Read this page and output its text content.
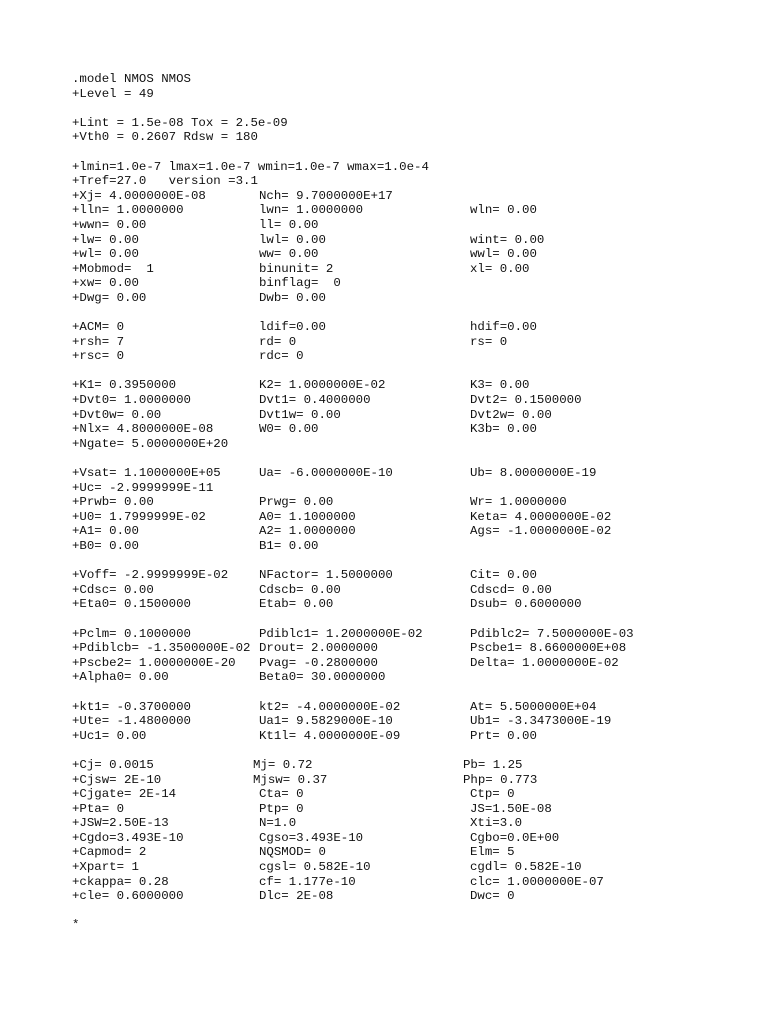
.model NMOS NMOS
+Level = 49
+Lint = 1.5e-08 Tox = 2.5e-09
+Vth0 = 0.2607 Rdsw = 180
+lmin=1.0e-7 lmax=1.0e-7 wmin=1.0e-7 wmax=1.0e-4
+Tref=27.0   version =3.1
+Xj= 4.0000000E-08	Nch= 9.7000000E+17
+lln= 1.0000000	lwn= 1.0000000	wln= 0.00
+wwn= 0.00	ll= 0.00
+lw= 0.00	lwl= 0.00	wint= 0.00
+wl= 0.00	ww= 0.00	wwl= 0.00
+Mobmod=  1	binunit= 2	xl= 0.00
+xw= 0.00	binflag=  0
+Dwg= 0.00	Dwb= 0.00
+ACM= 0	ldif=0.00	hdif=0.00
+rsh= 7	rd= 0	rs= 0
+rsc= 0	rdc= 0
+K1= 0.3950000	K2= 1.0000000E-02	K3= 0.00
+Dvt0= 1.0000000	Dvt1= 0.4000000	Dvt2= 0.1500000
+Dvt0w= 0.00	Dvt1w= 0.00	Dvt2w= 0.00
+Nlx= 4.8000000E-08	W0= 0.00	K3b= 0.00
+Ngate= 5.0000000E+20
+Vsat= 1.1000000E+05	Ua= -6.0000000E-10	Ub= 8.0000000E-19
+Uc= -2.9999999E-11
+Prwb= 0.00	Prwg= 0.00	Wr= 1.0000000
+U0= 1.7999999E-02	A0= 1.1000000	Keta= 4.0000000E-02
+A1= 0.00	A2= 1.0000000	Ags= -1.0000000E-02
+B0= 0.00	B1= 0.00
+Voff= -2.9999999E-02 NFactor= 1.5000000	Cit= 0.00
+Cdsc= 0.00	Cdscb= 0.00	Cdscd= 0.00
+Eta0= 0.1500000	Etab= 0.00	Dsub= 0.6000000
+Pclm= 0.1000000	Pdiblc1= 1.2000000E-02	Pdiblc2= 7.5000000E-03
+Pdiblcb= -1.3500000E-02 Drout= 2.0000000	Pscbe1= 8.6600000E+08
+Pscbe2= 1.0000000E-20 Pvag= -0.2800000	Delta= 1.0000000E-02
+Alpha0= 0.00	Beta0= 30.0000000
+kt1= -0.3700000	kt2= -4.0000000E-02	At= 5.5000000E+04
+Ute= -1.4800000	Ua1= 9.5829000E-10	Ub1= -3.3473000E-19
+Uc1= 0.00	Kt1l= 4.0000000E-09	Prt= 0.00
+Cj= 0.0015	Mj= 0.72	Pb= 1.25
+Cjsw= 2E-10	Mjsw= 0.37	Php= 0.773
+Cjgate= 2E-14	Cta= 0	Ctp= 0
+Pta= 0	Ptp= 0	JS=1.50E-08
+JSW=2.50E-13	N=1.0	Xti=3.0
+Cgdo=3.493E-10	Cgso=3.493E-10	Cgbo=0.0E+00
+Capmod= 2	NQSMOD= 0	Elm= 5
+Xpart= 1	cgsl= 0.582E-10	cgdl= 0.582E-10
+ckappa= 0.28	cf= 1.177e-10	clc= 1.0000000E-07
+cle= 0.6000000	Dlc= 2E-08	Dwc= 0
*
